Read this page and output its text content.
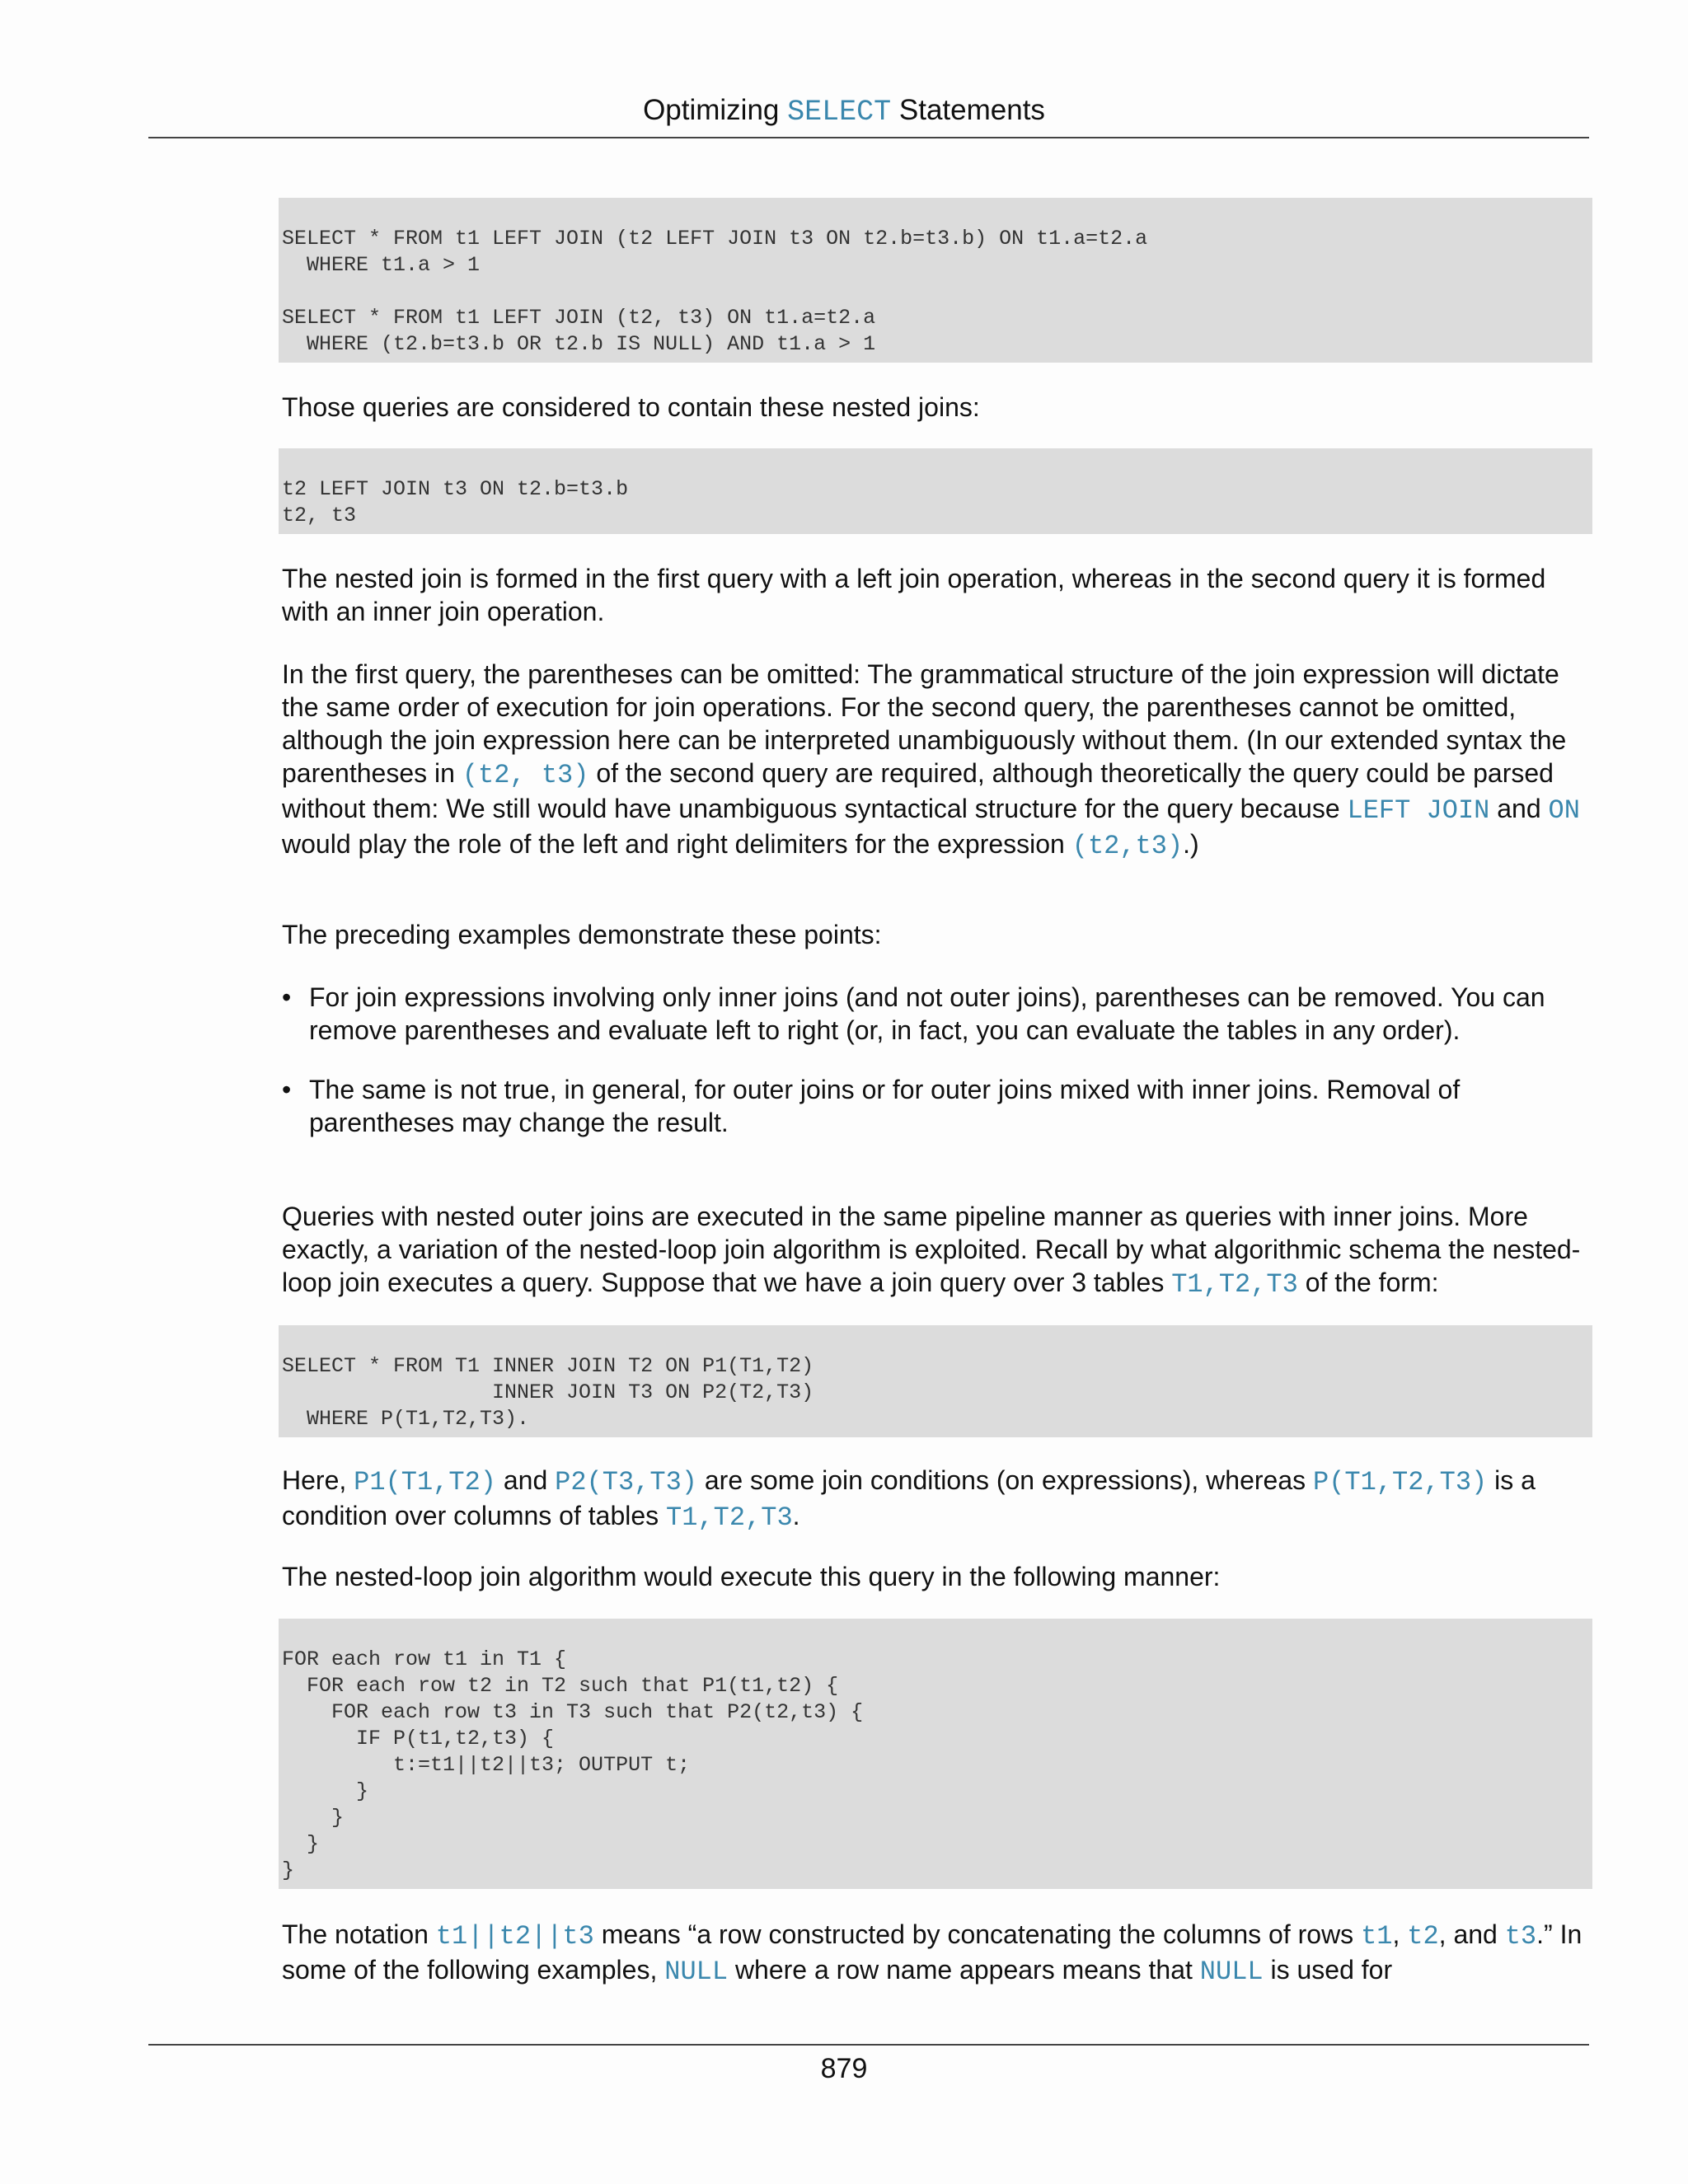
Optimizing SELECT Statements
SELECT * FROM t1 LEFT JOIN (t2 LEFT JOIN t3 ON t2.b=t3.b) ON t1.a=t2.a
WHERE t1.a > 1

SELECT * FROM t1 LEFT JOIN (t2, t3) ON t1.a=t2.a
WHERE (t2.b=t3.b OR t2.b IS NULL) AND t1.a > 1

Those queries are considered to contain these nested joins:

t2 LEFT JOIN t3 ON t2.b=t3.b
t2, t3

The nested join is formed in the first query with a left join operation, whereas in the second query it is formed with an inner join operation.

In the first query, the parentheses can be omitted: The grammatical structure of the join expression will dictate the same order of execution for join operations. For the second query, the parentheses cannot be omitted, although the join expression here can be interpreted unambiguously without them. (In our extended syntax the parentheses in (t2, t3) of the second query are required, although theoretically the query could be parsed without them: We still would have unambiguous syntactical structure for the query because LEFT JOIN and ON would play the role of the left and right delimiters for the expression (t2,t3).)

The preceding examples demonstrate these points:

• For join expressions involving only inner joins (and not outer joins), parentheses can be removed. You can remove parentheses and evaluate left to right (or, in fact, you can evaluate the tables in any order).
• The same is not true, in general, for outer joins or for outer joins mixed with inner joins. Removal of parentheses may change the result.

Queries with nested outer joins are executed in the same pipeline manner as queries with inner joins. More exactly, a variation of the nested-loop join algorithm is exploited. Recall by what algorithmic schema the nested-loop join executes a query. Suppose that we have a join query over 3 tables T1,T2,T3 of the form:

SELECT * FROM T1 INNER JOIN T2 ON P1(T1,T2)
INNER JOIN T3 ON P2(T2,T3)
WHERE P(T1,T2,T3).

Here, P1(T1,T2) and P2(T3,T3) are some join conditions (on expressions), whereas P(T1,T2,T3) is a condition over columns of tables T1,T2,T3.

The nested-loop join algorithm would execute this query in the following manner:

FOR each row t1 in T1 {
FOR each row t2 in T2 such that P1(t1,t2) {
FOR each row t3 in T3 such that P2(t2,t3) {
IF P(t1,t2,t3) {
t:=t1||t2||t3; OUTPUT t;
}
}
}
}

The notation t1||t2||t3 means “a row constructed by concatenating the columns of rows t1, t2, and t3.” In some of the following examples, NULL where a row name appears means that NULL is used for

879
